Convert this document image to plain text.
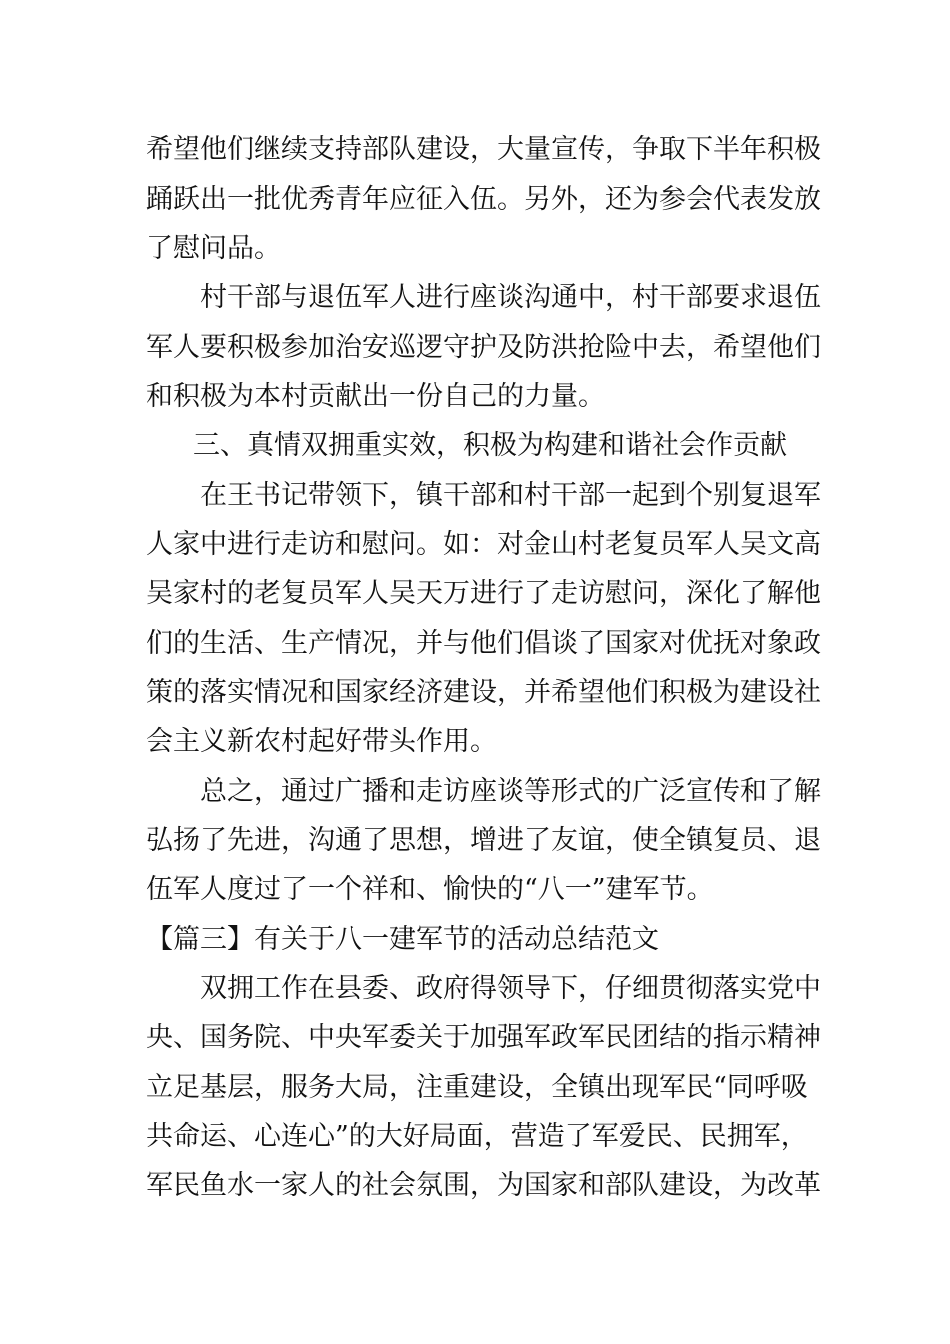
希望他们继续支持部队建设，大量宣传，争取下半年积极

踊跃出一批优秀青年应征入伍。另外，还为参会代表发放

了慰问品。

村干部与退伍军人进行座谈沟通中，村干部要求退伍

军人要积极参加治安巡逻守护及防洪抢险中去，希望他们

和积极为本村贡献出一份自己的力量。

三、真情双拥重实效，积极为构建和谐社会作贡献

在王书记带领下，镇干部和村干部一起到个别复退军

人家中进行走访和慰问。如：对金山村老复员军人吴文高

吴家村的老复员军人吴天万进行了走访慰问，深化了解他

们的生活、生产情况，并与他们倡谈了国家对优抚对象政

策的落实情况和国家经济建设，并希望他们积极为建设社

会主义新农村起好带头作用。

总之，通过广播和走访座谈等形式的广泛宣传和了解

弘扬了先进，沟通了思想，增进了友谊，使全镇复员、退

伍军人度过了一个祥和、愉快的“八一”建军节。

【篇三】有关于八一建军节的活动总结范文

双拥工作在县委、政府得领导下，仔细贯彻落实党中

央、国务院、中央军委关于加强军政军民团结的指示精神

立足基层，服务大局，注重建设，全镇出现军民“同呼吸

共命运、心连心”的大好局面，营造了军爱民、民拥军，

军民鱼水一家人的社会氛围，为国家和部队建设，为改革
